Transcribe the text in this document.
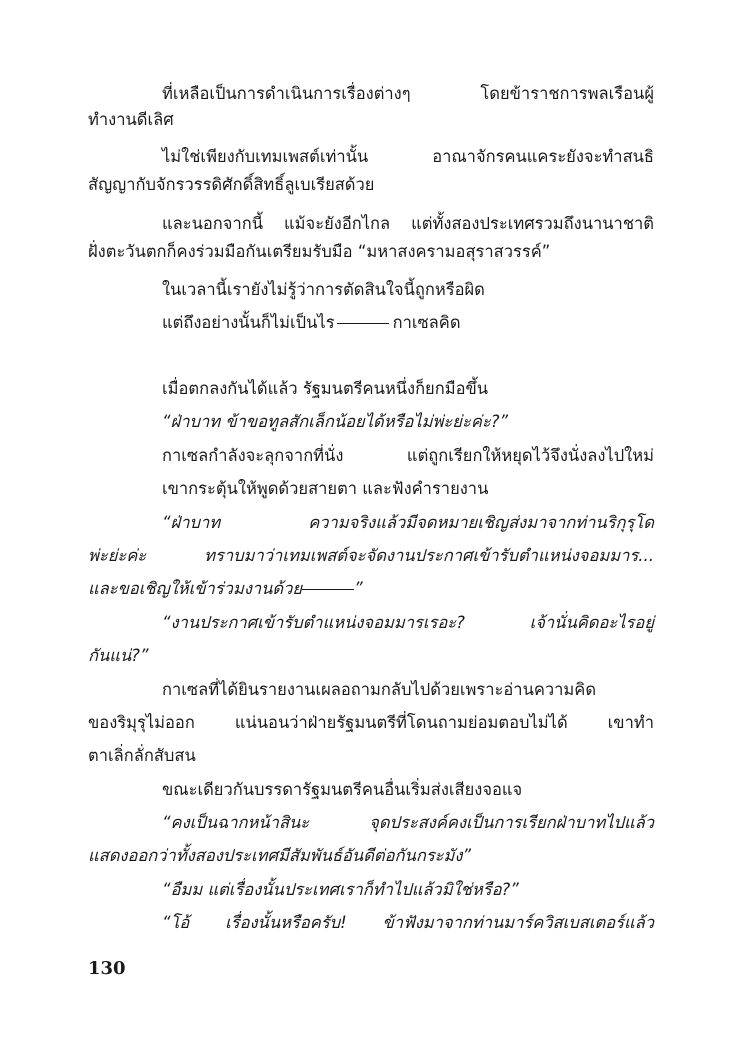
ที่เหลือเป็นการดำเนินการเรื่องต่างๆ โดยข้าราชการพลเรือนผู้
ทำงานดีเลิศ
ไม่ใช่เพียงกับเทมเพสต์เท่านั้น อาณาจักรคนแคระยังจะทำสนธิ
สัญญากับจักรวรรดิศักดิ์สิทธิ์ลูเบเรียสด้วย
และนอกจากนี้ แม้จะยังอีกไกล แต่ทั้งสองประเทศรวมถึงนานาชาติ
ฝั่งตะวันตกก็คงร่วมมือกันเตรียมรับมือ “มหาสงครามอสุราสวรรค์”
ในเวลานี้เรายังไม่รู้ว่าการตัดสินใจนี้ถูกหรือผิด
แต่ถึงอย่างนั้นก็ไม่เป็นไร	กาเซลคิด
เมื่อตกลงกันได้แล้ว รัฐมนตรีคนหนึ่งก็ยกมือขึ้น
“ฝ่าบาท ข้าขอทูลสักเล็กน้อยได้หรือไม่พ่ะย่ะค่ะ?”
กาเซลกำลังจะลุกจากที่นั่ง แต่ถูกเรียกให้หยุดไว้จึงนั่งลงไปใหม่
เขากระตุ้นให้พูดด้วยสายตา และฟังคำรายงาน
“ฝ่าบาท ความจริงแล้วมีจดหมายเชิญส่งมาจากท่านริกุรุโด
พ่ะย่ะค่ะ ทราบมาว่าเทมเพสต์จะจัดงานประกาศเข้ารับตำแหน่งจอมมาร...
และขอเชิญให้เข้าร่วมงานด้วย	”
“งานประกาศเข้ารับตำแหน่งจอมมารเรอะ? เจ้านั่นคิดอะไรอยู่
กันแน่?”
กาเซลที่ได้ยินรายงานเผลอถามกลับไปด้วยเพราะอ่านความคิด
ของริมุรุไม่ออก แน่นอนว่าฝ่ายรัฐมนตรีที่โดนถามย่อมตอบไม่ได้ เขาทำ
ตาเลิ่กลั่กสับสน
ขณะเดียวกันบรรดารัฐมนตรีคนอื่นเริ่มส่งเสียงจอแจ
“คงเป็นฉากหน้าสินะ จุดประสงค์คงเป็นการเรียกฝ่าบาทไปแล้ว
แสดงออกว่าทั้งสองประเทศมีสัมพันธ์อันดีต่อกันกระมัง”
“อืมม แต่เรื่องนั้นประเทศเราก็ทำไปแล้วมิใช่หรือ?”
“โอ้ เรื่องนั้นหรือครับ! ข้าฟังมาจากท่านมาร์ควิสเบสเตอร์แล้ว
130
